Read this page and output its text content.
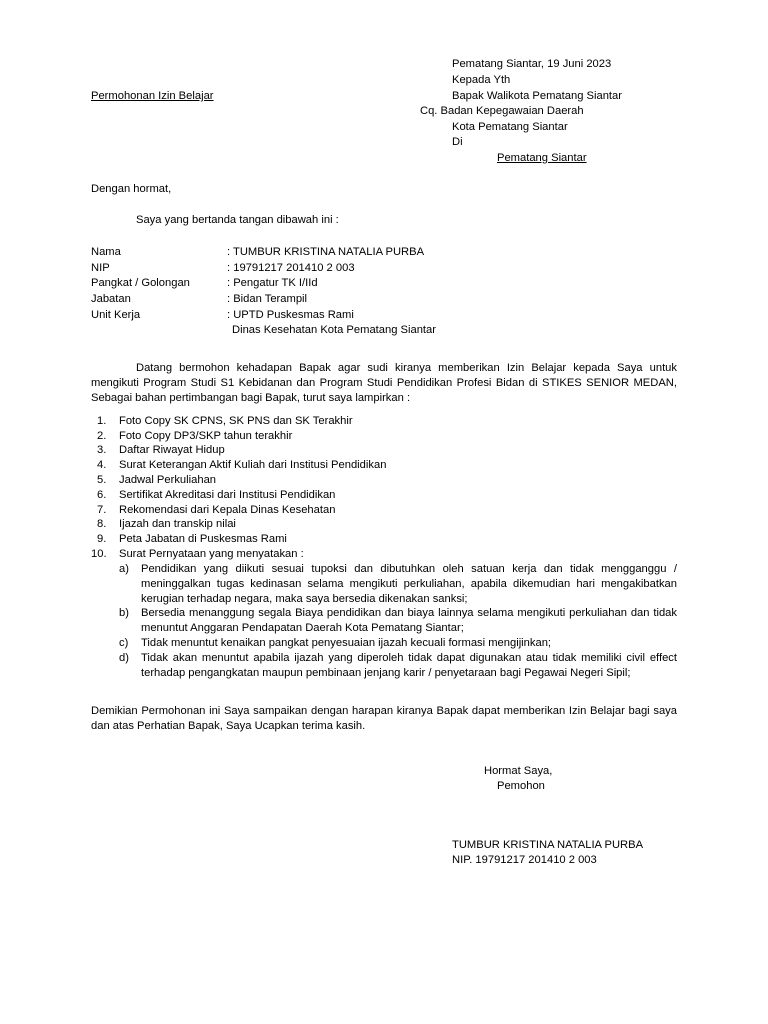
Pematang Siantar, 19 Juni 2023
Kepada Yth
Bapak Walikota Pematang Siantar
Cq. Badan Kepegawaian Daerah
Kota Pematang Siantar
Di
Pematang Siantar
Permohonan Izin Belajar
Dengan hormat,
Saya yang bertanda tangan dibawah ini :
Nama	: TUMBUR KRISTINA NATALIA PURBA
NIP	: 19791217 201410 2 003
Pangkat / Golongan	: Pengatur TK I/IId
Jabatan	: Bidan Terampil
Unit Kerja	: UPTD Puskesmas Rami
Dinas Kesehatan Kota Pematang Siantar
Datang bermohon kehadapan Bapak agar sudi kiranya memberikan Izin Belajar kepada Saya untuk mengikuti Program Studi S1 Kebidanan dan Program Studi Pendidikan Profesi Bidan di STIKES SENIOR MEDAN, Sebagai bahan pertimbangan bagi Bapak, turut saya lampirkan :
1. Foto Copy SK CPNS, SK PNS dan SK Terakhir
2. Foto Copy DP3/SKP tahun terakhir
3. Daftar Riwayat Hidup
4. Surat Keterangan Aktif Kuliah dari Institusi Pendidikan
5. Jadwal Perkuliahan
6. Sertifikat Akreditasi dari Institusi Pendidikan
7. Rekomendasi dari Kepala Dinas Kesehatan
8. Ijazah dan transkip nilai
9. Peta Jabatan di Puskesmas Rami
10. Surat Pernyataan yang menyatakan :
a) Pendidikan yang diikuti sesuai tupoksi dan dibutuhkan oleh satuan kerja dan tidak mengganggu / meninggalkan tugas kedinasan selama mengikuti perkuliahan, apabila dikemudian hari mengakibatkan kerugian terhadap negara, maka saya bersedia dikenakan sanksi;
b) Bersedia menanggung segala Biaya pendidikan dan biaya lainnya selama mengikuti perkuliahan dan tidak menuntut Anggaran Pendapatan Daerah Kota Pematang Siantar;
c) Tidak menuntut kenaikan pangkat penyesuaian ijazah kecuali formasi mengijinkan;
d) Tidak akan menuntut apabila ijazah yang diperoleh tidak dapat digunakan atau tidak memiliki civil effect terhadap pengangkatan maupun pembinaan jenjang karir / penyetaraan bagi Pegawai Negeri Sipil;
Demikian Permohonan ini Saya sampaikan dengan harapan kiranya Bapak dapat memberikan Izin Belajar bagi saya dan atas Perhatian Bapak, Saya Ucapkan terima kasih.
Hormat Saya,
Pemohon
TUMBUR KRISTINA NATALIA PURBA
NIP. 19791217 201410 2 003
